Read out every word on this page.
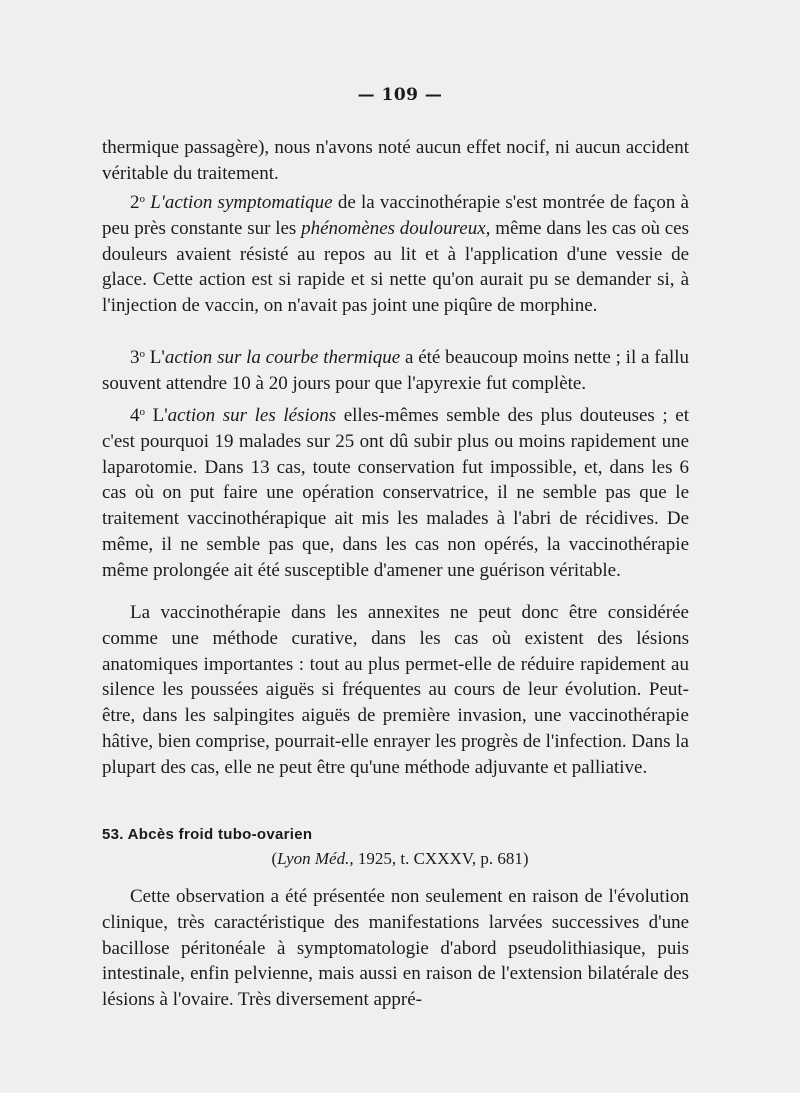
— 109 —

thermique passagère), nous n'avons noté aucun effet nocif, ni aucun accident véritable du traitement.

2$^o$ L'action symptomatique de la vaccinothérapie s'est montrée de façon à peu près constante sur les phénomènes douloureux, même dans les cas où ces douleurs avaient résisté au repos au lit et à l'application d'une vessie de glace. Cette action est si rapide et si nette qu'on aurait pu se demander si, à l'injection de vaccin, on n'avait pas joint une piqûre de morphine.

3$^o$ L'action sur la courbe thermique a été beaucoup moins nette ; il a fallu souvent attendre 10 à 20 jours pour que l'apyrexie fut complète.

4$^o$ L'action sur les lésions elles-mêmes semble des plus douteuses ; et c'est pourquoi 19 malades sur 25 ont dû subir plus ou moins rapidement une laparotomie. Dans 13 cas, toute conservation fut impossible, et, dans les 6 cas où on put faire une opération conservatrice, il ne semble pas que le traitement vaccinothérapique ait mis les malades à l'abri de récidives. De même, il ne semble pas que, dans les cas non opérés, la vaccinothérapie même prolongée ait été susceptible d'amener une guérison véritable.

La vaccinothérapie dans les annexites ne peut donc être considérée comme une méthode curative, dans les cas où existent des lésions anatomiques importantes : tout au plus permet-elle de réduire rapidement au silence les poussées aiguës si fréquentes au cours de leur évolution. Peut-être, dans les salpingites aiguës de première invasion, une vaccinothérapie hâtive, bien comprise, pourrait-elle enrayer les progrès de l'infection. Dans la plupart des cas, elle ne peut être qu'une méthode adjuvante et palliative.

53. Abcès froid tubo-ovarien
(Lyon Méd., 1925, t. CXXXV, p. 681)

Cette observation a été présentée non seulement en raison de l'évolution clinique, très caractéristique des manifestations larvées successives d'une bacillose péritonéale à symptomatologie d'abord pseudolithiasique, puis intestinale, enfin pelvienne, mais aussi en raison de l'extension bilatérale des lésions à l'ovaire. Très diversement appré-
